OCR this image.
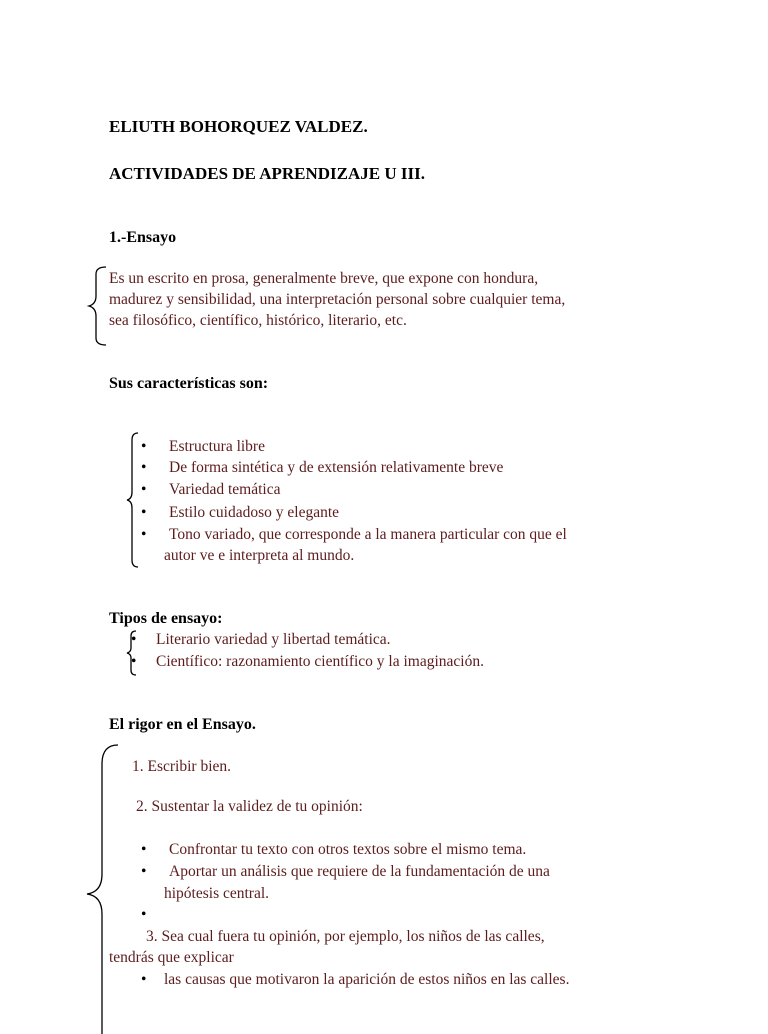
ELIUTH BOHORQUEZ VALDEZ.
ACTIVIDADES DE APRENDIZAJE U III.
1.-Ensayo
Es un escrito en prosa, generalmente breve, que expone con hondura,
madurez y sensibilidad, una interpretación personal sobre cualquier tema,
sea filosófico, científico, histórico, literario, etc.
Sus características son:
• Estructura libre
• De forma sintética y de extensión relativamente breve
• Variedad temática
• Estilo cuidadoso y elegante
• Tono variado, que corresponde a la manera particular con que el
autor ve e interpreta al mundo.
Tipos de ensayo:
• Literario variedad y libertad temática.
• Científico: razonamiento científico y la imaginación.
El rigor en el Ensayo.
1. Escribir bien.
2. Sustentar la validez de tu opinión:
• Confrontar tu texto con otros textos sobre el mismo tema.
• Aportar un análisis que requiere de la fundamentación de una
hipótesis central.
•
3. Sea cual fuera tu opinión, por ejemplo, los niños de las calles,
tendrás que explicar
• las causas que motivaron la aparición de estos niños en las calles.
